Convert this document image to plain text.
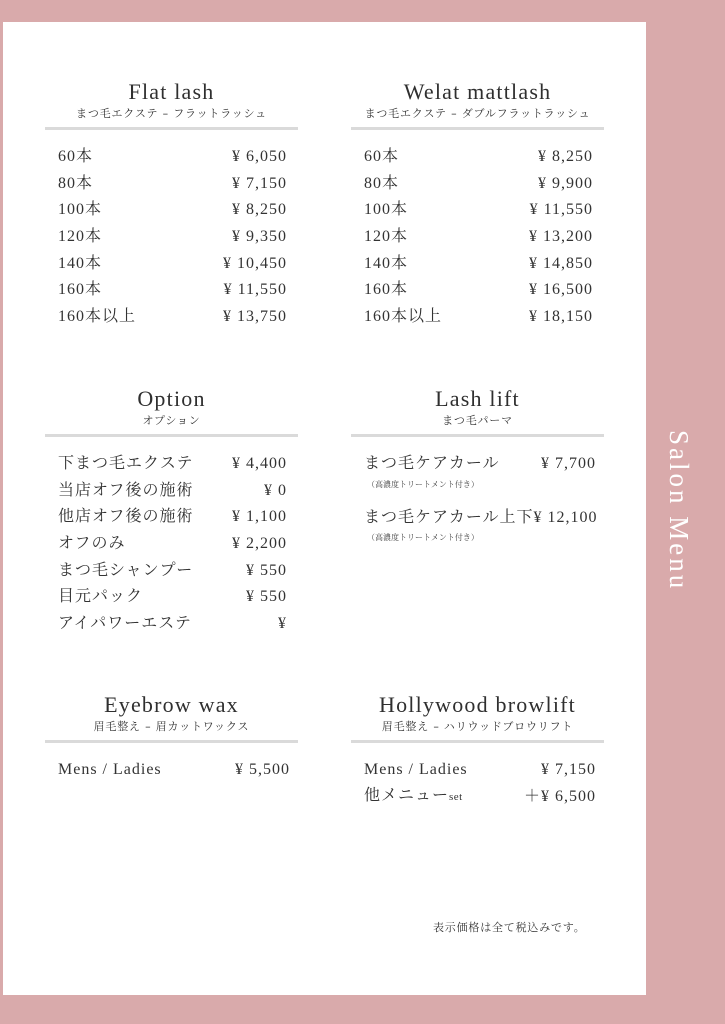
Flat lash
まつ毛エクステ – フラットラッシュ
60本	¥ 6,050
80本	¥ 7,150
100本	¥ 8,250
120本	¥ 9,350
140本	¥ 10,450
160本	¥ 11,550
160本以上	¥ 13,750
Welat mattlash
まつ毛エクステ – ダブルフラットラッシュ
60本	¥ 8,250
80本	¥ 9,900
100本	¥ 11,550
120本	¥ 13,200
140本	¥ 14,850
160本	¥ 16,500
160本以上	¥ 18,150
Option
オプション
下まつ毛エクステ ¥ 4,400
当店オフ後の施術	¥ 0
他店オフ後の施術 ¥ 1,100
オフのみ	¥ 2,200
まつ毛シャンプー	¥ 550
目元パック	¥ 550
アイパワーエステ	¥
Lash lift
まつ毛パーマ
まつ毛ケアカール	¥ 7,700
（高濃度トリートメント付き）
まつ毛ケアカール上下 ¥ 12,100
（高濃度トリートメント付き）
Eyebrow wax
眉毛整え – 眉カットワックス
Mens / Ladies	¥ 5,500
Hollywood browlift
眉毛整え – ハリウッドブロウリフト
Mens / Ladies	¥ 7,150
他メニューset	＋¥ 6,500
表示価格は全て税込みです。
Salon Menu
